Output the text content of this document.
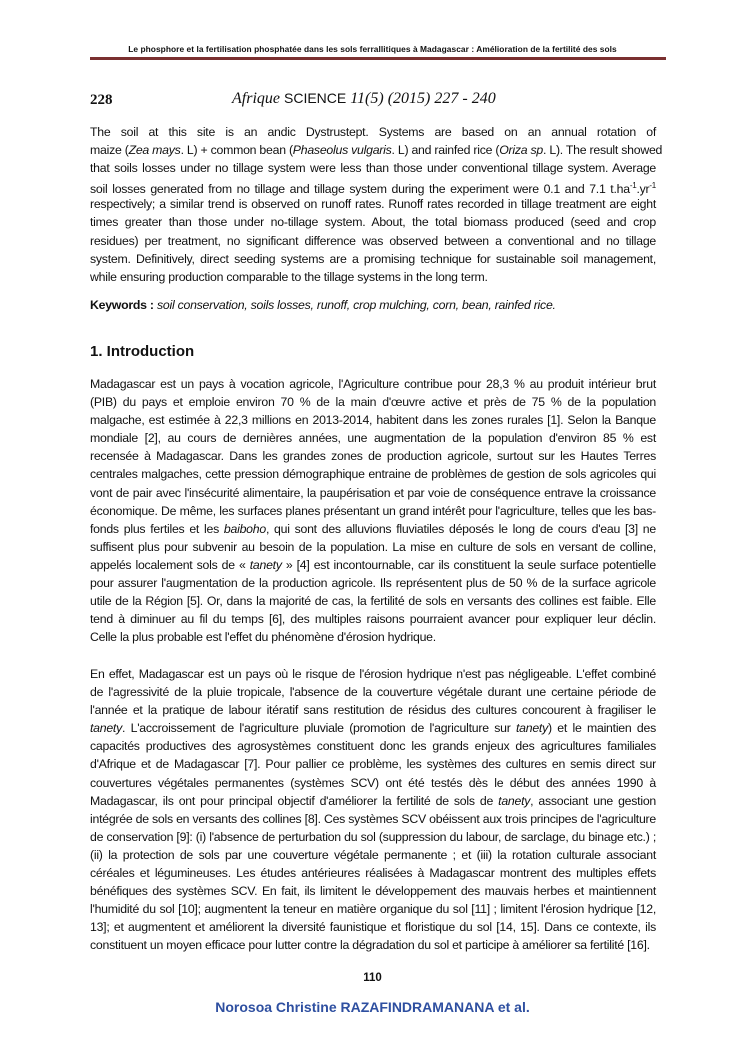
Le phosphore et la fertilisation phosphatée dans les sols ferrallitiques à Madagascar : Amélioration de la fertilité des sols
228	Afrique SCIENCE 11(5) (2015) 227 - 240
The soil at this site is an andic Dystrustept. Systems are based on an annual rotation of
maize (Zea mays. L) + common bean (Phaseolus vulgaris. L) and rainfed rice (Oriza sp. L). The result showed
that soils losses under no tillage system were less than those under conventional tillage system. Average
soil losses generated from no tillage and tillage system during the experiment were 0.1 and 7.1 $t.ha^{-1}.yr^{-1}$
respectively; a similar trend is observed on runoff rates. Runoff rates recorded in tillage treatment are eight
times greater than those under no-tillage system. About, the total biomass produced (seed and crop
residues) per treatment, no significant difference was observed between a conventional and no tillage
system. Definitively, direct seeding systems are a promising technique for sustainable soil management,
while ensuring production comparable to the tillage systems in the long term.
Keywords : soil conservation, soils losses, runoff, crop mulching, corn, bean, rainfed rice.
1. Introduction
Madagascar est un pays à vocation agricole, l'Agriculture contribue pour 28,3 % au produit intérieur brut
(PIB) du pays et emploie environ 70 % de la main d'œuvre active et près de 75 % de la population
malgache, est estimée à 22,3 millions en 2013-2014, habitent dans les zones rurales [1]. Selon la Banque
mondiale [2], au cours de dernières années, une augmentation de la population d'environ 85 % est
recensée à Madagascar. Dans les grandes zones de production agricole, surtout sur les Hautes Terres
centrales malgaches, cette pression démographique entraine de problèmes de gestion de sols agricoles qui
vont de pair avec l'insécurité alimentaire, la paupérisation et par voie de conséquence entrave la croissance
économique. De même, les surfaces planes présentant un grand intérêt pour l'agriculture, telles que les bas-
fonds plus fertiles et les baiboho, qui sont des alluvions fluviatiles déposés le long de cours d'eau [3] ne
suffisent plus pour subvenir au besoin de la population. La mise en culture de sols en versant de colline,
appelés localement sols de « tanety » [4] est incontournable, car ils constituent la seule surface potentielle
pour assurer l'augmentation de la production agricole. Ils représentent plus de 50 % de la surface agricole
utile de la Région [5]. Or, dans la majorité de cas, la fertilité de sols en versants des collines est faible. Elle
tend à diminuer au fil du temps [6], des multiples raisons pourraient avancer pour expliquer leur déclin.
Celle la plus probable est l'effet du phénomène d'érosion hydrique.
En effet, Madagascar est un pays où le risque de l'érosion hydrique n'est pas négligeable. L'effet combiné
de l'agressivité de la pluie tropicale, l'absence de la couverture végétale durant une certaine période de
l'année et la pratique de labour itératif sans restitution de résidus des cultures concourent à fragiliser le
tanety. L'accroissement de l'agriculture pluviale (promotion de l'agriculture sur tanety) et le maintien des
capacités productives des agrosystèmes constituent donc les grands enjeux des agricultures familiales
d'Afrique et de Madagascar [7]. Pour pallier ce problème, les systèmes des cultures en semis direct sur
couvertures végétales permanentes (systèmes SCV) ont été testés dès le début des années 1990 à
Madagascar, ils ont pour principal objectif d'améliorer la fertilité de sols de tanety, associant une gestion
intégrée de sols en versants des collines [8]. Ces systèmes SCV obéissent aux trois principes de l'agriculture
de conservation [9]: (i) l'absence de perturbation du sol (suppression du labour, de sarclage, du binage etc.) ;
(ii) la protection de sols par une couverture végétale permanente ; et (iii) la rotation culturale associant
céréales et légumineuses. Les études antérieures réalisées à Madagascar montrent des multiples effets
bénéfiques des systèmes SCV. En fait, ils limitent le développement des mauvais herbes et maintiennent
l'humidité du sol [10]; augmentent la teneur en matière organique du sol [11] ; limitent l'érosion hydrique [12,
13]; et augmentent et améliorent la diversité faunistique et floristique du sol [14, 15]. Dans ce contexte, ils
constituent un moyen efficace pour lutter contre la dégradation du sol et participe à améliorer sa fertilité [16].
110
Norosoa Christine RAZAFINDRAMANANA et al.
